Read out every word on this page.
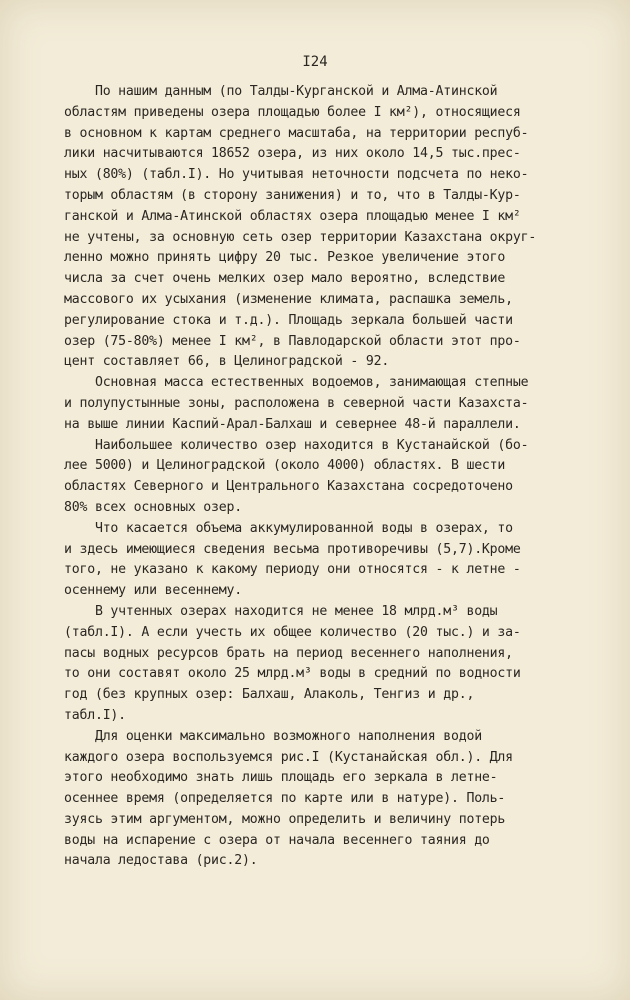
I24
По нашим данным (по Талды-Курганской и Алма-Атинской
областям приведены озера площадью более I км²), относящиеся
в основном к картам среднего масштаба, на территории респуб-
лики насчитываются 18652 озера, из них около 14,5 тыс.прес-
ных (80%) (табл.I). Но учитывая неточности подсчета по неко-
торым областям (в сторону занижения) и то, что в Талды-Кур-
ганской и Алма-Атинской областях озера площадью менее I км²
не учтены, за основную сеть озер территории Казахстана округ-
ленно можно принять цифру 20 тыс. Резкое увеличение этого
числа за счет очень мелких озер мало вероятно, вследствие
массового их усыхания (изменение климата, распашка земель,
регулирование стока и т.д.). Площадь зеркала большей части
озер (75-80%) менее I км², в Павлодарской области этот про-
цент составляет 66, в Целиноградской - 92.
Основная масса естественных водоемов, занимающая степные
и полупустынные зоны, расположена в северной части Казахста-
на выше линии Каспий-Арал-Балхаш и севернее 48-й параллели.
Наибольшее количество озер находится в Кустанайской (бо-
лее 5000) и Целиноградской (около 4000) областях. В шести
областях Северного и Центрального Казахстана сосредоточено
80% всех основных озер.
Что касается объема аккумулированной воды в озерах, то
и здесь имеющиеся сведения весьма противоречивы (5,7).Кроме
того, не указано к какому периоду они относятся - к летне -
осеннему или весеннему.
В учтенных озерах находится не менее 18 млрд.м³ воды
(табл.I). А если учесть их общее количество (20 тыс.) и за-
пасы водных ресурсов брать на период весеннего наполнения,
то они составят около 25 млрд.м³ воды в средний по водности
год (без крупных озер: Балхаш, Алаколь, Тенгиз и др.,
табл.I).
Для оценки максимально возможного наполнения водой
каждого озера воспользуемся рис.I (Кустанайская обл.). Для
этого необходимо знать лишь площадь его зеркала в летне-
осеннее время (определяется по карте или в натуре). Поль-
зуясь этим аргументом, можно определить и величину потерь
воды на испарение с озера от начала весеннего таяния до
начала ледостава (рис.2).
